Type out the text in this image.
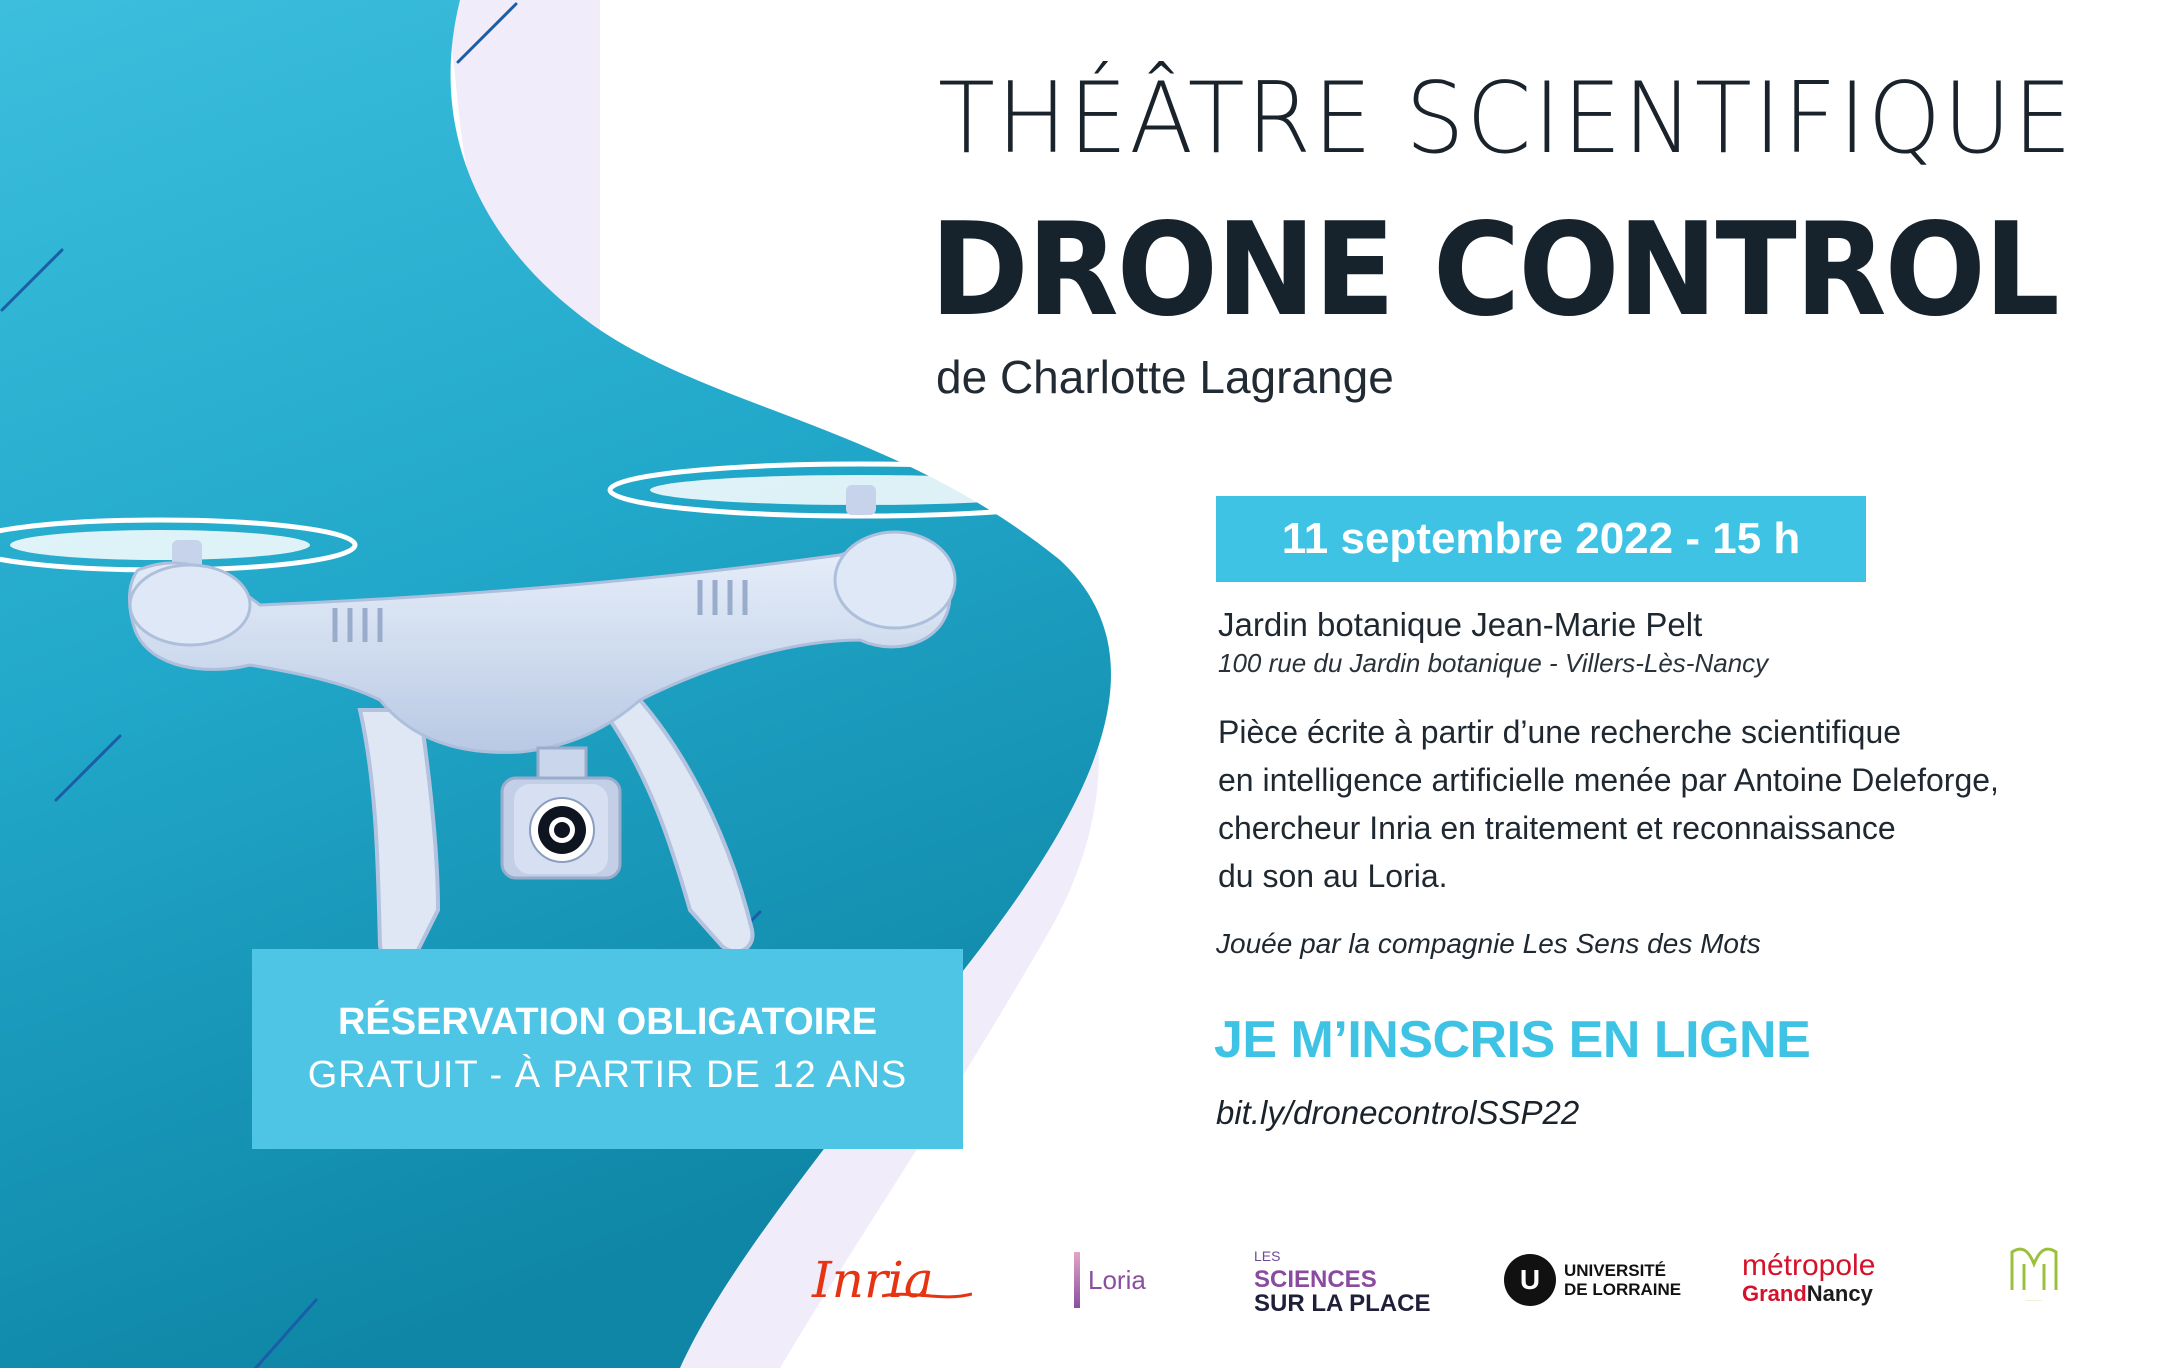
THÉÂTRE SCIENTIFIQUE
DRONE CONTROL
de Charlotte Lagrange
11 septembre 2022 - 15 h
Jardin botanique Jean-Marie Pelt
100 rue du Jardin botanique - Villers-Lès-Nancy
Pièce écrite à partir d’une recherche scientifique
en intelligence artificielle menée par Antoine Deleforge,
chercheur Inria en traitement et reconnaissance
du son au Loria.
Jouée par la compagnie Les Sens des Mots
JE M’INSCRIS EN LIGNE
bit.ly/dronecontrolSSP22
RÉSERVATION OBLIGATOIRE
GRATUIT - À PARTIR DE 12 ANS
Inria	Loria
LES
SCIENCES
SUR LA PLACE
U	UNIVERSITÉ
DE LORRAINE
métropole
GrandNancy	········
